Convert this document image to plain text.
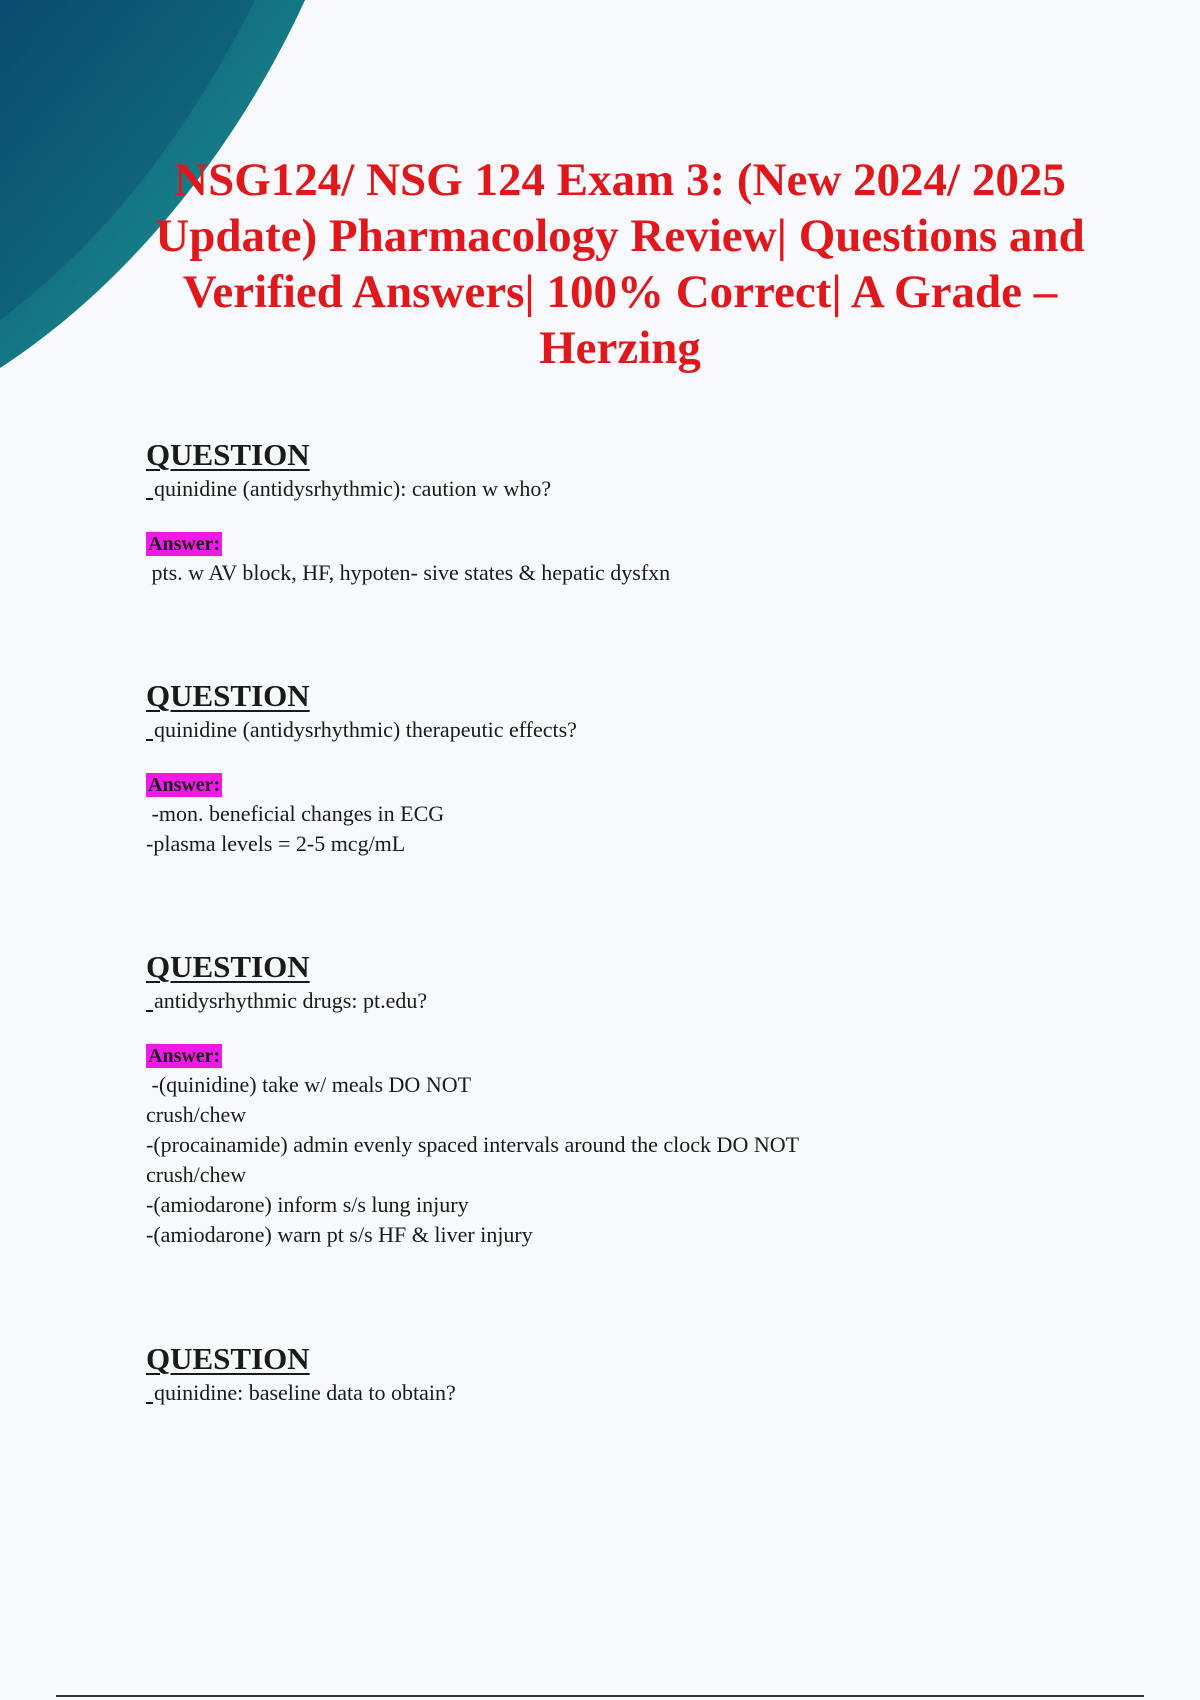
NSG124/ NSG 124 Exam 3: (New 2024/ 2025 Update) Pharmacology Review| Questions and Verified Answers| 100% Correct| A Grade – Herzing
QUESTION
quinidine (antidysrhythmic): caution w who?
Answer:
pts. w AV block, HF, hypoten- sive states & hepatic dysfxn
QUESTION
quinidine (antidysrhythmic) therapeutic effects?
Answer:
-mon. beneficial changes in ECG
-plasma levels = 2-5 mcg/mL
QUESTION
antidysrhythmic drugs: pt.edu?
Answer:
-(quinidine) take w/ meals DO NOT
crush/chew
-(procainamide) admin evenly spaced intervals around the clock DO NOT
crush/chew
-(amiodarone) inform s/s lung injury
-(amiodarone) warn pt s/s HF & liver injury
QUESTION
quinidine: baseline data to obtain?
